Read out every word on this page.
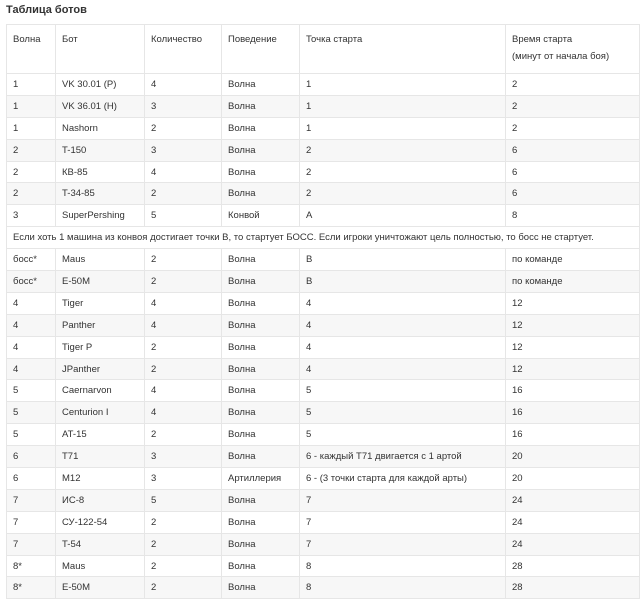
Таблица ботов
Волна	Бот	Количество	Поведение	Точка старта	Время старта
(минут от начала боя)

1	VK 30.01 (P)	4	Волна	1	2
1	VK 36.01 (H)	3	Волна	1	2
1	Nashorn	2	Волна	1	2
2	T-150	3	Волна	2	6
2	КВ-85	4	Волна	2	6
2	T-34-85	2	Волна	2	6
3	SuperPershing	5	Конвой	A	8
Если хоть 1 машина из конвоя достигает точки B, то стартует БОСС. Если игроки уничтожают цель полностью, то босс не стартует.					
босс*	Maus	2	Волна	B	по команде
босс*	E-50M	2	Волна	B	по команде
4	Tiger	4	Волна	4	12
4	Panther	4	Волна	4	12
4	Tiger P	2	Волна	4	12
4	JPanther	2	Волна	4	12
5	Caernarvon	4	Волна	5	16
5	Centurion I	4	Волна	5	16
5	AT-15	2	Волна	5	16
6	T71	3	Волна	6 - каждый T71 двигается с 1 артой	20
6	M12	3	Артиллерия	6 - (3 точки старта для каждой арты)	20
7	ИС-8	5	Волна	7	24
7	СУ-122-54	2	Волна	7	24
7	T-54	2	Волна	7	24
8*	Maus	2	Волна	8	28
8*	E-50M	2	Волна	8	28
